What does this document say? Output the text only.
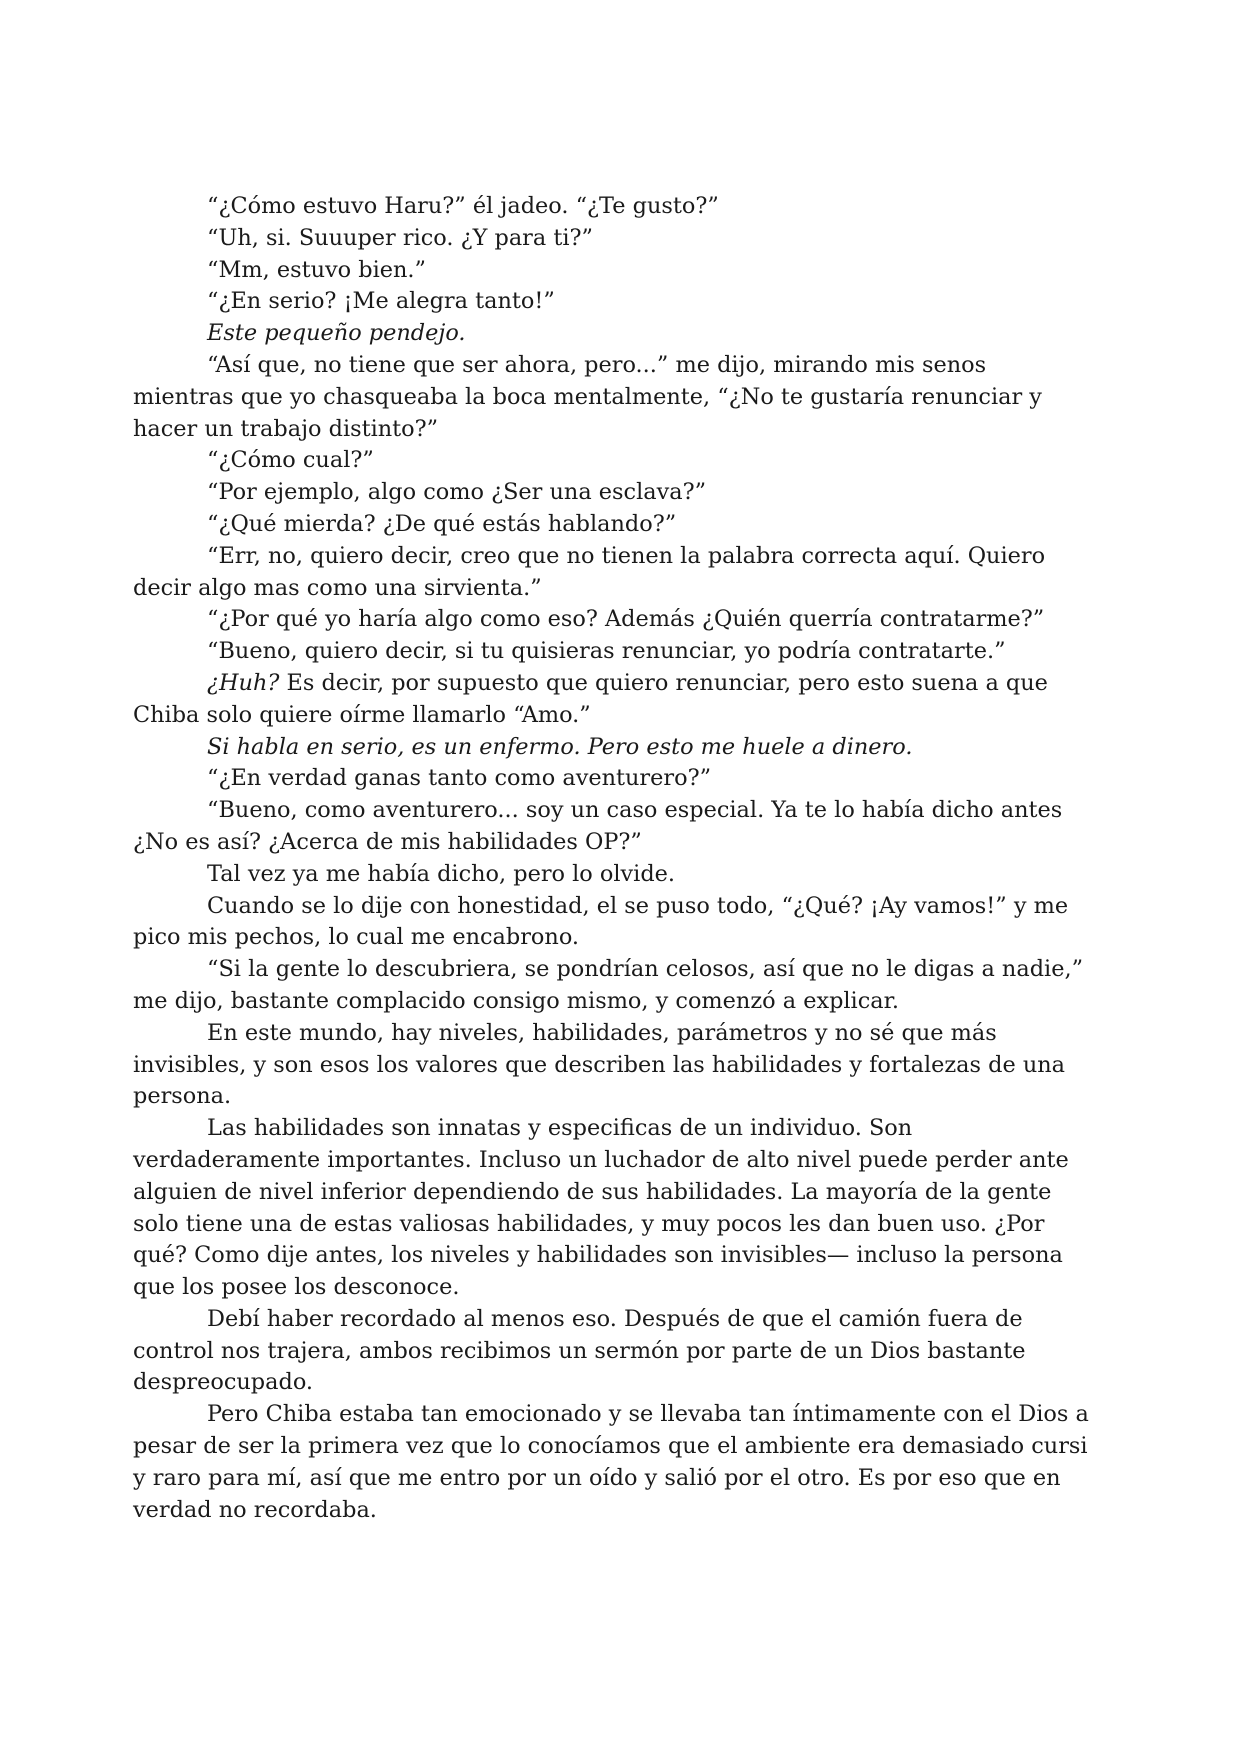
“¿Cómo estuvo Haru?” él jadeo. “¿Te gusto?”

“Uh, si. Suuuper rico. ¿Y para ti?”

“Mm, estuvo bien.”

“¿En serio? ¡Me alegra tanto!”

Este pequeño pendejo.

“Así que, no tiene que ser ahora, pero...” me dijo, mirando mis senos mientras que yo chasqueaba la boca mentalmente, “¿No te gustaría renunciar y hacer un trabajo distinto?”

“¿Cómo cual?”

“Por ejemplo, algo como ¿Ser una esclava?”

“¿Qué mierda? ¿De qué estás hablando?”

“Err, no, quiero decir, creo que no tienen la palabra correcta aquí. Quiero decir algo mas como una sirvienta.”

“¿Por qué yo haría algo como eso? Además ¿Quién querría contratarme?”

“Bueno, quiero decir, si tu quisieras renunciar, yo podría contratarte.”

¿Huh? Es decir, por supuesto que quiero renunciar, pero esto suena a que Chiba solo quiere oírme llamarlo “Amo.”

Si habla en serio, es un enfermo. Pero esto me huele a dinero.

“¿En verdad ganas tanto como aventurero?”

“Bueno, como aventurero... soy un caso especial. Ya te lo había dicho antes ¿No es así? ¿Acerca de mis habilidades OP?”

Tal vez ya me había dicho, pero lo olvide.

Cuando se lo dije con honestidad, el se puso todo, “¿Qué? ¡Ay vamos!” y me pico mis pechos, lo cual me encabrono.

“Si la gente lo descubriera, se pondrían celosos, así que no le digas a nadie,” me dijo, bastante complacido consigo mismo, y comenzó a explicar.

En este mundo, hay niveles, habilidades, parámetros y no sé que más invisibles, y son esos los valores que describen las habilidades y fortalezas de una persona.

Las habilidades son innatas y especificas de un individuo. Son verdaderamente importantes. Incluso un luchador de alto nivel puede perder ante alguien de nivel inferior dependiendo de sus habilidades. La mayoría de la gente solo tiene una de estas valiosas habilidades, y muy pocos les dan buen uso. ¿Por qué? Como dije antes, los niveles y habilidades son invisibles— incluso la persona que los posee los desconoce.

Debí haber recordado al menos eso. Después de que el camión fuera de control nos trajera, ambos recibimos un sermón por parte de un Dios bastante despreocupado.

Pero Chiba estaba tan emocionado y se llevaba tan íntimamente con el Dios a pesar de ser la primera vez que lo conocíamos que el ambiente era demasiado cursi y raro para mí, así que me entro por un oído y salió por el otro. Es por eso que en verdad no recordaba.
